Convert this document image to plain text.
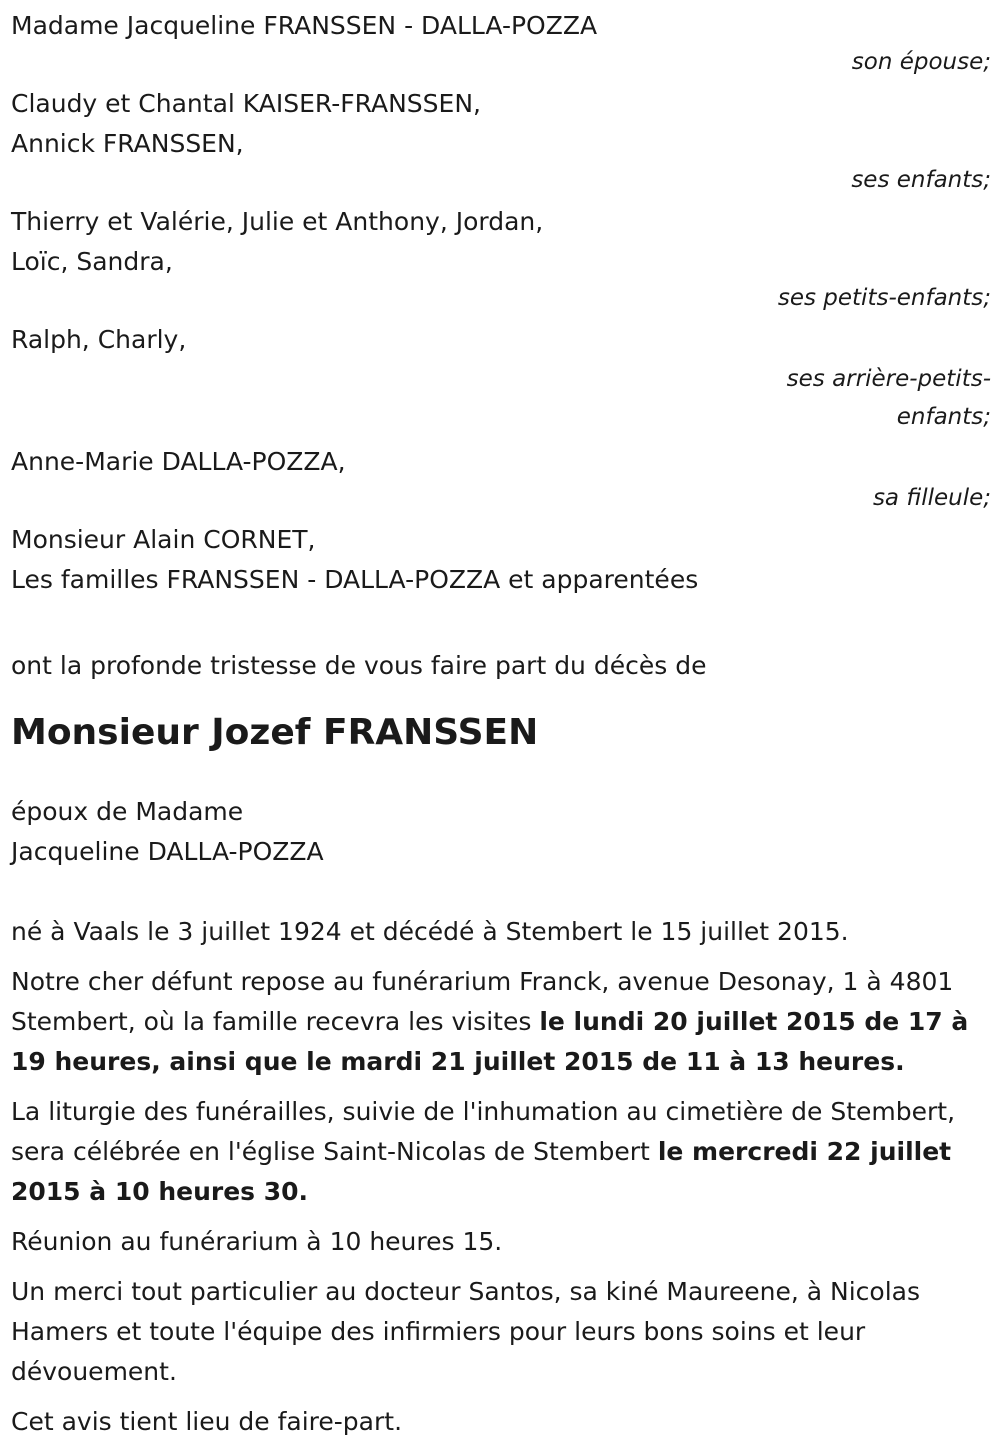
Madame Jacqueline FRANSSEN - DALLA-POZZA
son épouse;
Claudy et Chantal KAISER-FRANSSEN,
Annick FRANSSEN,
ses enfants;
Thierry et Valérie, Julie et Anthony, Jordan,
Loïc, Sandra,
ses petits-enfants;
Ralph, Charly,
ses arrière-petits-
enfants;
Anne-Marie DALLA-POZZA,
sa filleule;
Monsieur Alain CORNET,
Les familles FRANSSEN - DALLA-POZZA et apparentées
ont la profonde tristesse de vous faire part du décès de
Monsieur Jozef FRANSSEN
époux de Madame
Jacqueline DALLA-POZZA

né à Vaals le 3 juillet 1924 et décédé à Stembert le 15 juillet 2015.

Notre cher défunt repose au funérarium Franck, avenue Desonay, 1 à 4801 Stembert, où la famille recevra les visites le lundi 20 juillet 2015 de 17 à 19 heures, ainsi que le mardi 21 juillet 2015 de 11 à 13 heures.

La liturgie des funérailles, suivie de l'inhumation au cimetière de Stembert, sera célébrée en l'église Saint-Nicolas de Stembert le mercredi 22 juillet 2015 à 10 heures 30.

Réunion au funérarium à 10 heures 15.

Un merci tout particulier au docteur Santos, sa kiné Maureene, à Nicolas Hamers et toute l'équipe des infirmiers pour leurs bons soins et leur dévouement.

Cet avis tient lieu de faire-part.
